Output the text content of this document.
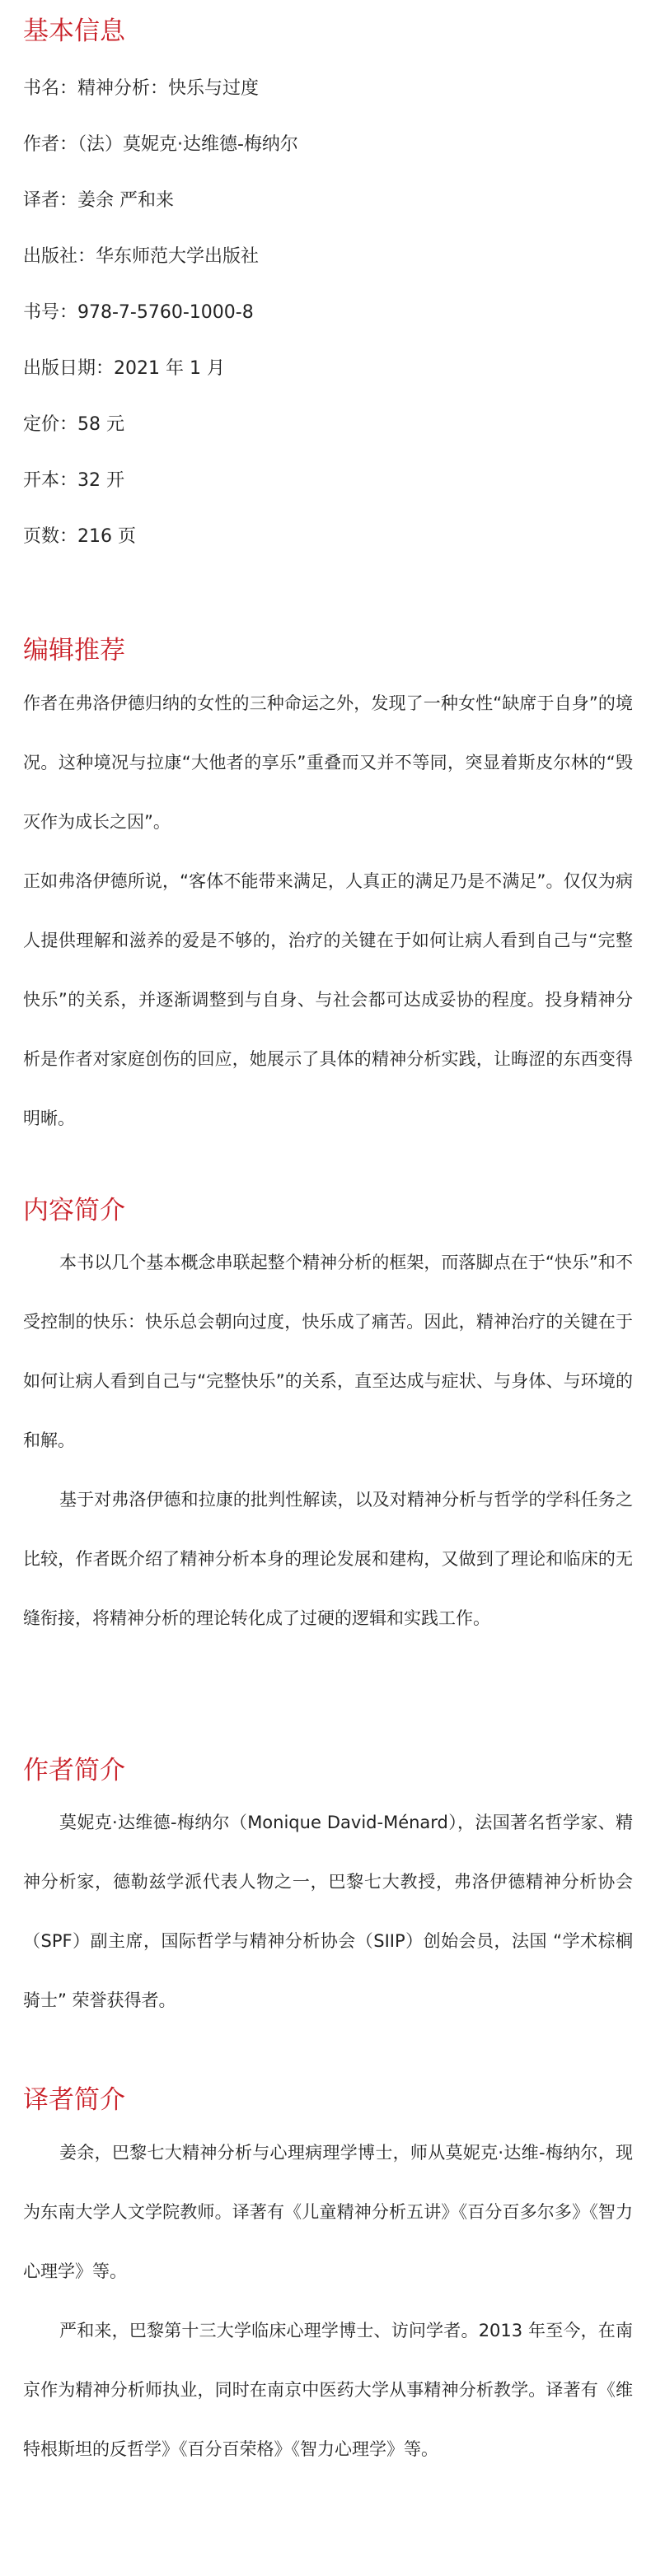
基本信息

书名：精神分析：快乐与过度

作者：（法）莫妮克·达维德-梅纳尔

译者：姜余 严和来

出版社：华东师范大学出版社

书号：978-7-5760-1000-8

出版日期：2021 年 1 月

定价：58 元

开本：32 开

页数：216 页

编辑推荐

作者在弗洛伊德归纳的女性的三种命运之外，发现了一种女性“缺席于自身”的境况。这种境况与拉康“大他者的享乐”重叠而又并不等同，突显着斯皮尔林的“毁灭作为成长之因”。

正如弗洛伊德所说，“客体不能带来满足，人真正的满足乃是不满足”。仅仅为病人提供理解和滋养的爱是不够的，治疗的关键在于如何让病人看到自己与“完整快乐”的关系，并逐渐调整到与自身、与社会都可达成妥协的程度。投身精神分析是作者对家庭创伤的回应，她展示了具体的精神分析实践，让晦涩的东西变得明晰。

内容简介

本书以几个基本概念串联起整个精神分析的框架，而落脚点在于“快乐”和不受控制的快乐：快乐总会朝向过度，快乐成了痛苦。因此，精神治疗的关键在于如何让病人看到自己与“完整快乐”的关系，直至达成与症状、与身体、与环境的和解。

基于对弗洛伊德和拉康的批判性解读，以及对精神分析与哲学的学科任务之比较，作者既介绍了精神分析本身的理论发展和建构，又做到了理论和临床的无缝衔接，将精神分析的理论转化成了过硬的逻辑和实践工作。

作者简介

莫妮克·达维德-梅纳尔（Monique David-Ménard），法国著名哲学家、精神分析家，德勒兹学派代表人物之一，巴黎七大教授，弗洛伊德精神分析协会（SPF）副主席，国际哲学与精神分析协会（SIIP）创始会员，法国 “学术棕榈骑士” 荣誉获得者。

译者简介

姜余，巴黎七大精神分析与心理病理学博士，师从莫妮克·达维-梅纳尔，现为东南大学人文学院教师。译著有《儿童精神分析五讲》《百分百多尔多》《智力心理学》等。

严和来，巴黎第十三大学临床心理学博士、访问学者。2013 年至今，在南京作为精神分析师执业，同时在南京中医药大学从事精神分析教学。译著有《维特根斯坦的反哲学》《百分百荣格》《智力心理学》等。
